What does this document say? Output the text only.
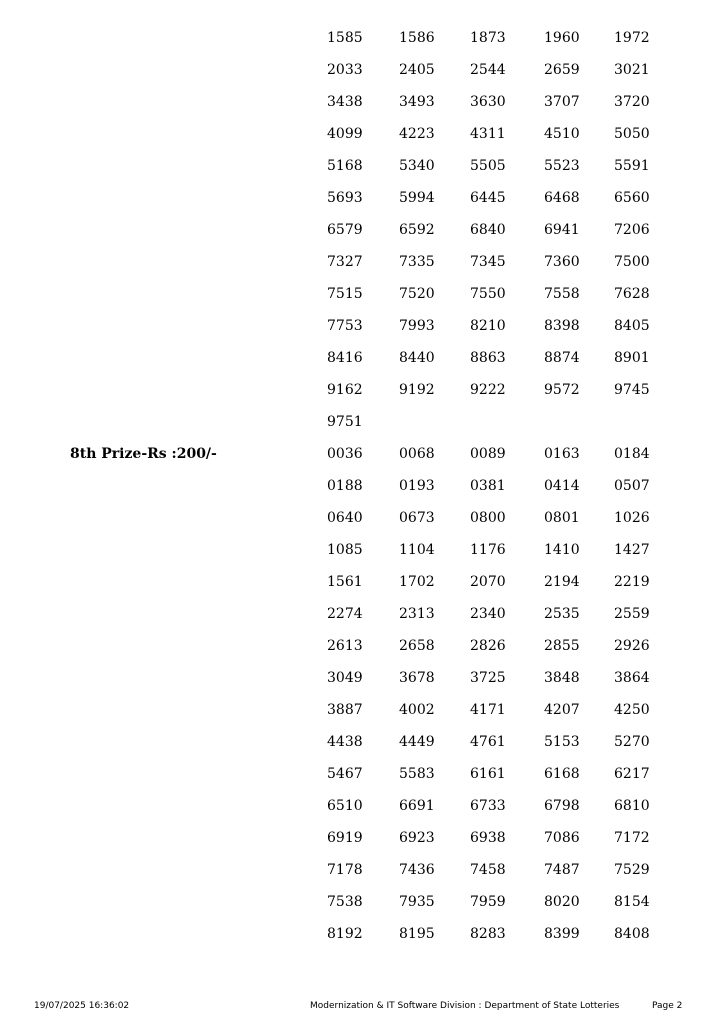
1585	1586	1873	1960 1972
2033	2405	2544	2659 3021
3438	3493	3630	3707 3720
4099	4223	4311	4510 5050
5168	5340	5505	5523 5591
5693	5994	6445	6468 6560
6579	6592	6840	6941 7206
7327	7335	7345	7360 7500
7515	7520	7550	7558 7628
7753	7993	8210	8398 8405
8416	8440	8863	8874 8901
9162	9192	9222	9572 9745
9751
8th Prize-Rs :200/-	0036	0068	0089	0163 0184
0188	0193	0381	0414 0507
0640	0673	0800	0801 1026
1085	1104	1176	1410 1427
1561	1702	2070	2194 2219
2274	2313	2340	2535 2559
2613	2658	2826	2855 2926
3049	3678	3725	3848 3864
3887	4002	4171	4207 4250
4438	4449	4761	5153 5270
5467	5583	6161	6168 6217
6510	6691	6733	6798 6810
6919	6923	6938	7086 7172
7178	7436	7458	7487 7529
7538	7935	7959	8020 8154
8192	8195	8283	8399 8408
19/07/2025 16:36:02	Modernization & IT Software Division : Department of State Lotteries	Page 2
